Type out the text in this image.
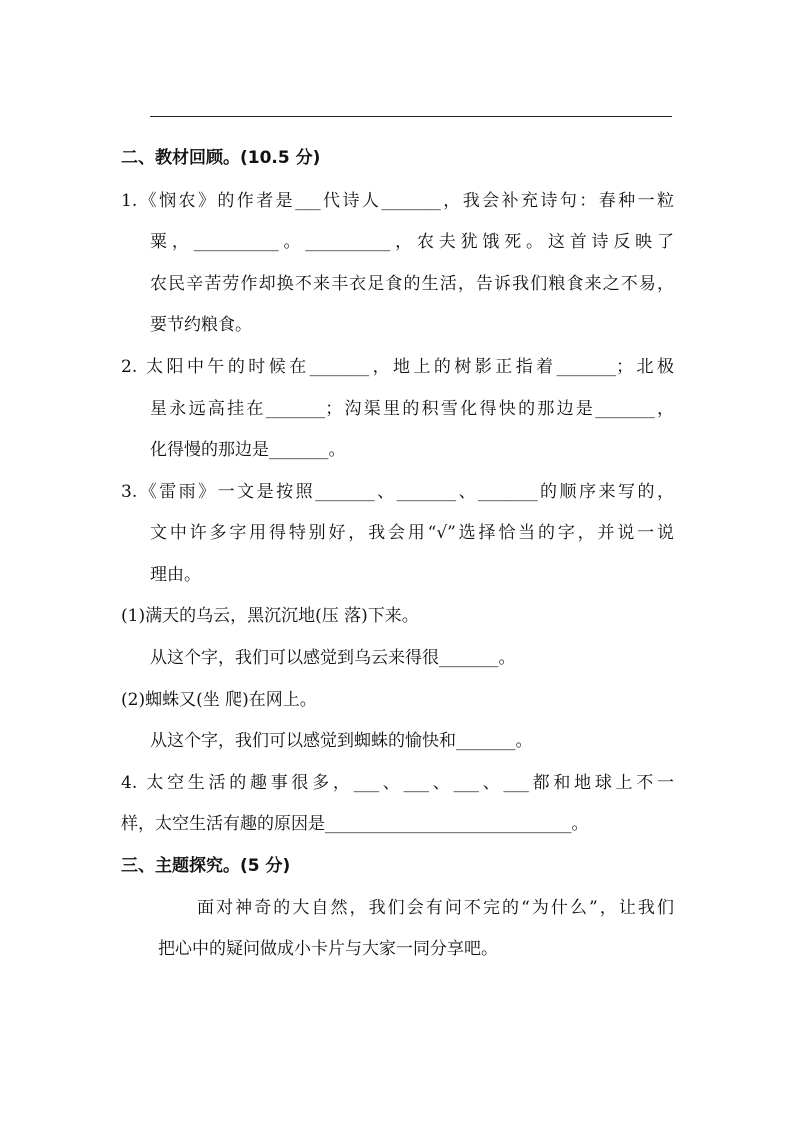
二、教材回顾。(10.5 分)
1.《悯农》的作者是___代诗人_______，我会补充诗句：春种一粒
粟，__________。__________，农夫犹饿死。这首诗反映了
农民辛苦劳作却换不来丰衣足食的生活，告诉我们粮食来之不易，
要节约粮食。
2. 太阳中午的时候在_______，地上的树影正指着_______；北极
星永远高挂在_______；沟渠里的积雪化得快的那边是_______，
化得慢的那边是_______。
3.《雷雨》一文是按照_______、_______、_______的顺序来写的，
文中许多字用得特别好，我会用“√”选择恰当的字，并说一说
理由。
(1)满天的乌云，黑沉沉地(压 落)下来。
从这个字，我们可以感觉到乌云来得很_______。
(2)蜘蛛又(坐 爬)在网上。
从这个字，我们可以感觉到蜘蛛的愉快和_______。
4. 太空生活的趣事很多，___、___、___、___都和地球上不一
样，太空生活有趣的原因是_____________________________。
三、主题探究。(5 分)
面对神奇的大自然，我们会有问不完的“为什么”，让我们
把心中的疑问做成小卡片与大家一同分享吧。
